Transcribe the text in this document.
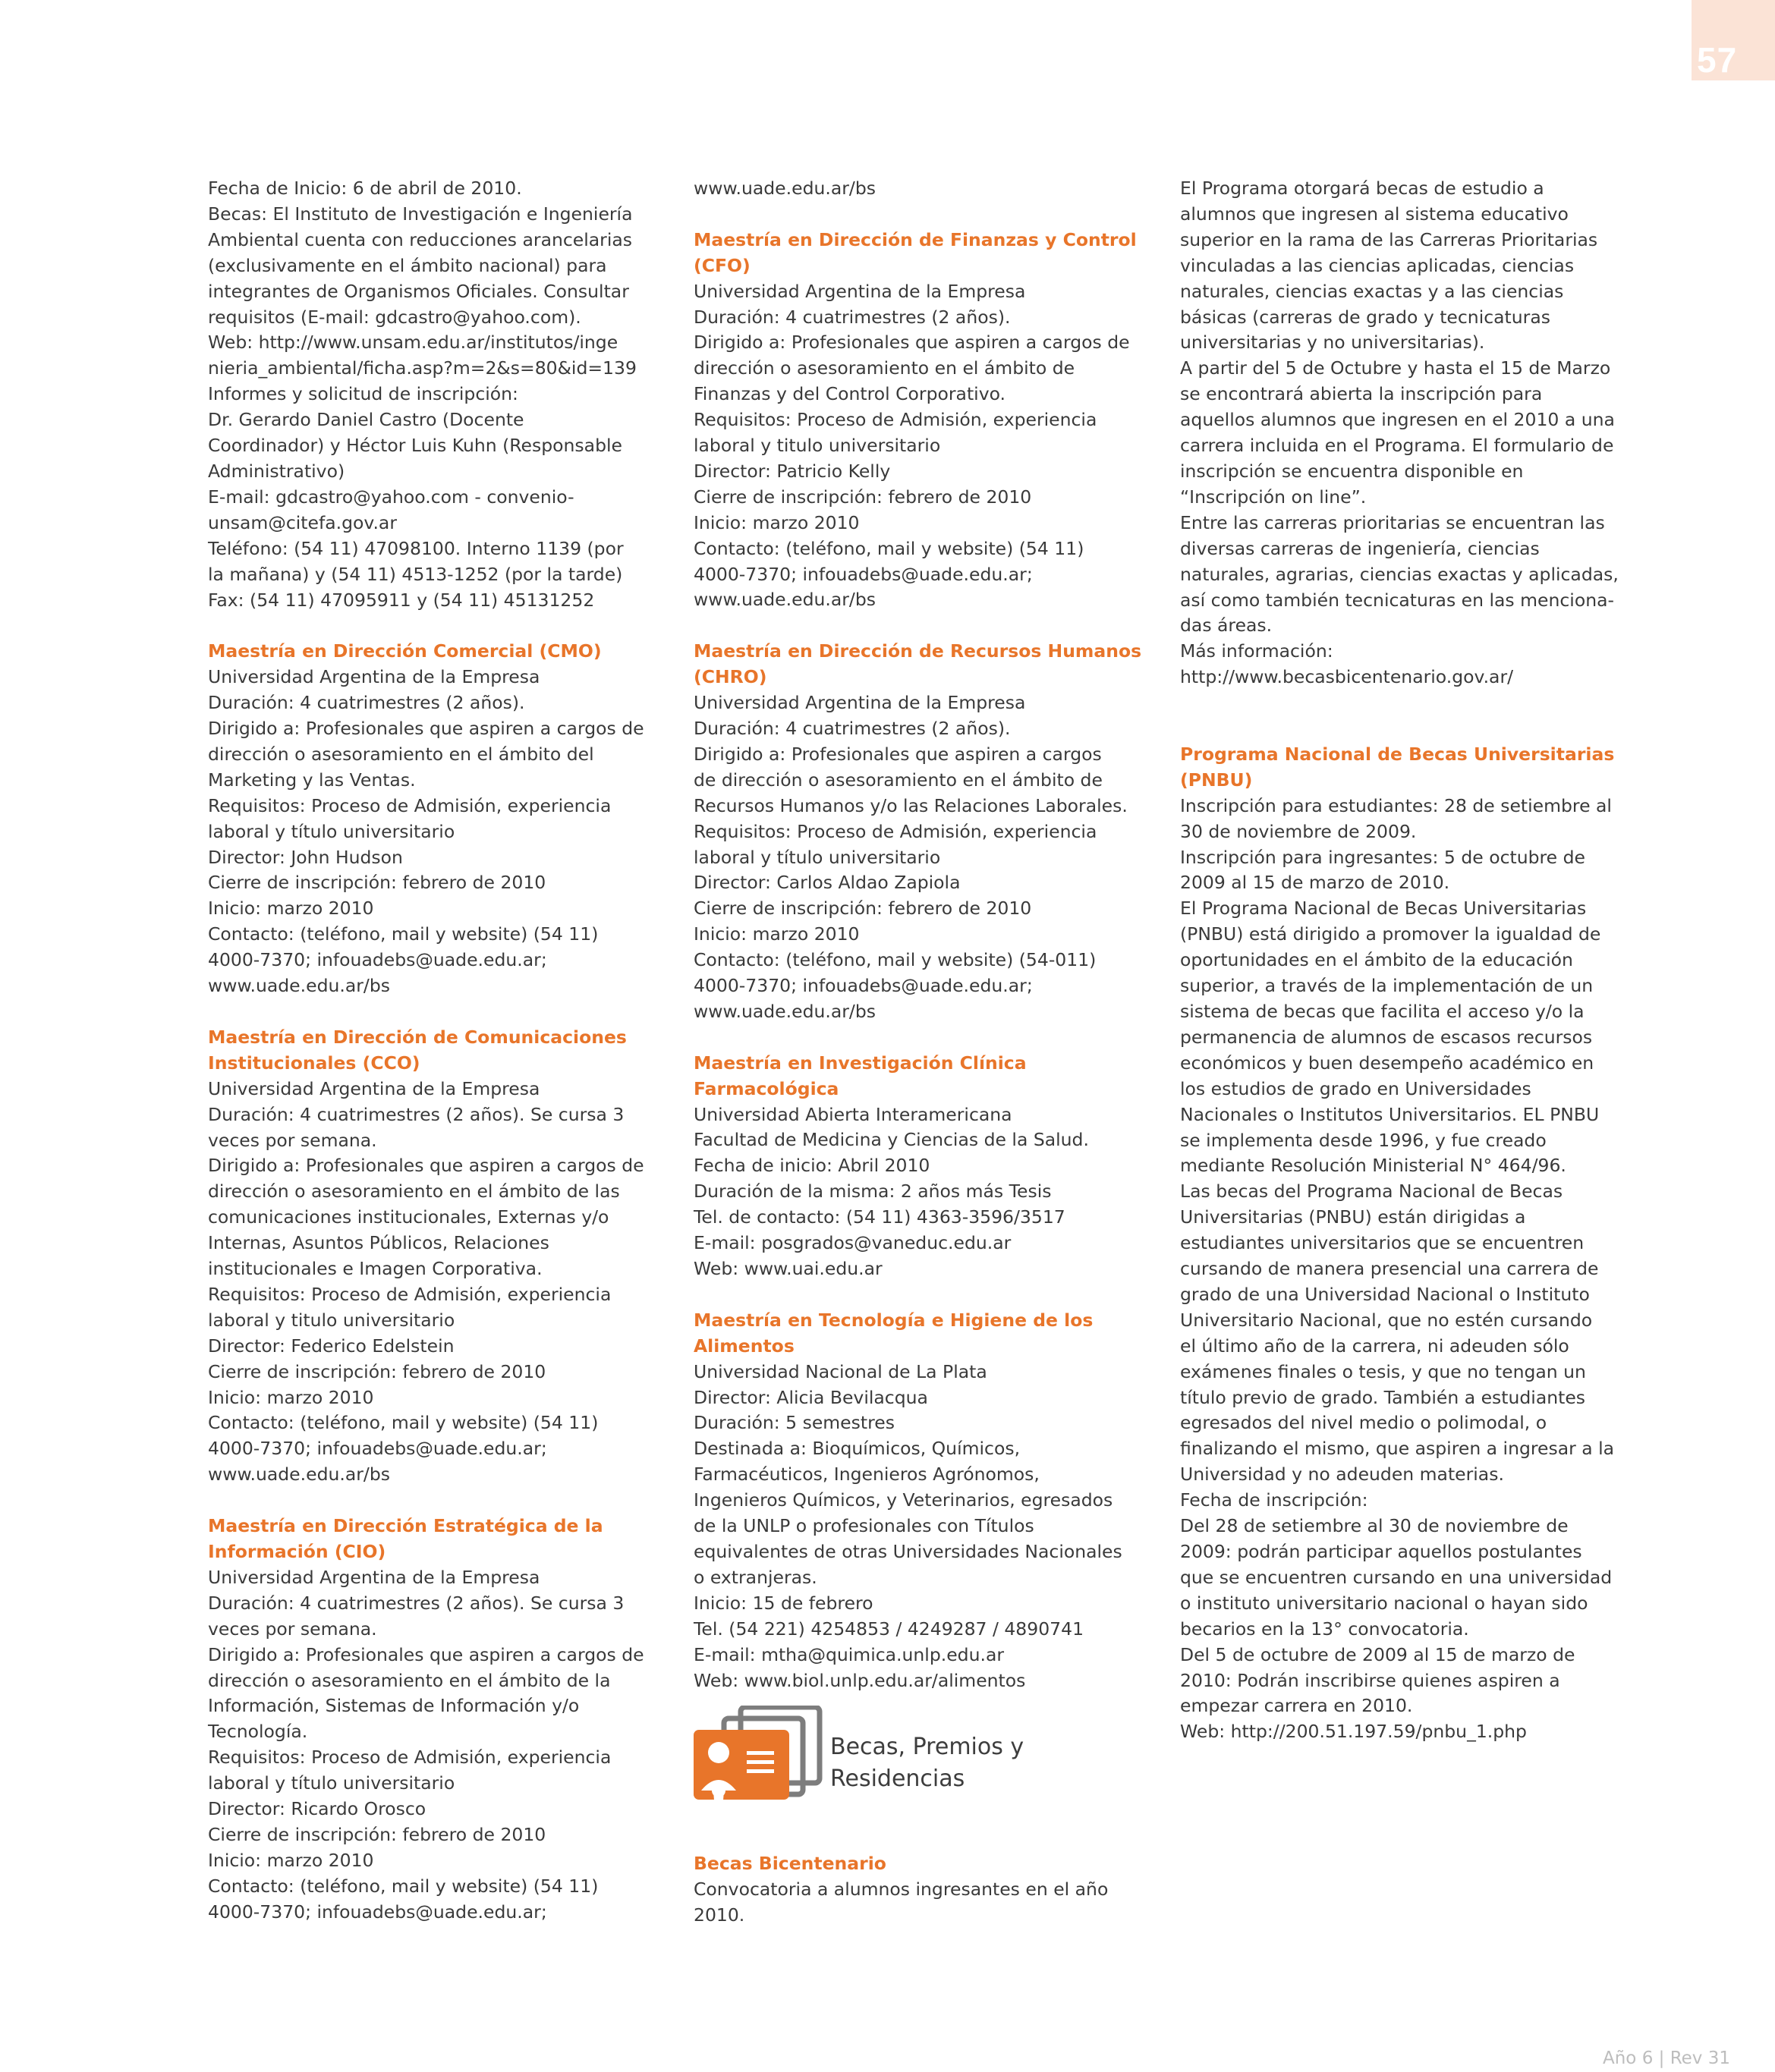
57
Fecha de Inicio: 6 de abril de 2010.
Becas: El Instituto de Investigación e Ingeniería
Ambiental cuenta con reducciones arancelarias
(exclusivamente en el ámbito nacional) para
integrantes de Organismos Oficiales. Consultar
requisitos (E-mail: gdcastro@yahoo.com).
Web: http://www.unsam.edu.ar/institutos/inge
nieria_ambiental/ficha.asp?m=2&s=80&id=139
Informes y solicitud de inscripción:
Dr. Gerardo Daniel Castro (Docente
Coordinador) y Héctor Luis Kuhn (Responsable
Administrativo)
E-mail: gdcastro@yahoo.com - convenio-
unsam@citefa.gov.ar
Teléfono: (54 11) 47098100. Interno 1139 (por
la mañana) y (54 11) 4513-1252 (por la tarde)
Fax: (54 11) 47095911 y (54 11) 45131252
Maestría en Dirección Comercial (CMO)
Universidad Argentina de la Empresa
Duración: 4 cuatrimestres (2 años).
Dirigido a: Profesionales que aspiren a cargos de
dirección o asesoramiento en el ámbito del
Marketing y las Ventas.
Requisitos: Proceso de Admisión, experiencia
laboral y título universitario
Director: John Hudson
Cierre de inscripción: febrero de 2010
Inicio: marzo 2010
Contacto: (teléfono, mail y website) (54 11)
4000-7370; infouadebs@uade.edu.ar;
www.uade.edu.ar/bs
Maestría en Dirección de Comunicaciones
Institucionales (CCO)
Universidad Argentina de la Empresa
Duración: 4 cuatrimestres (2 años). Se cursa 3
veces por semana.
Dirigido a: Profesionales que aspiren a cargos de
dirección o asesoramiento en el ámbito de las
comunicaciones institucionales, Externas y/o
Internas, Asuntos Públicos, Relaciones
institucionales e Imagen Corporativa.
Requisitos: Proceso de Admisión, experiencia
laboral y titulo universitario
Director: Federico Edelstein
Cierre de inscripción: febrero de 2010
Inicio: marzo 2010
Contacto: (teléfono, mail y website) (54 11)
4000-7370; infouadebs@uade.edu.ar;
www.uade.edu.ar/bs
Maestría en Dirección Estratégica de la
Información (CIO)
Universidad Argentina de la Empresa
Duración: 4 cuatrimestres (2 años). Se cursa 3
veces por semana.
Dirigido a: Profesionales que aspiren a cargos de
dirección o asesoramiento en el ámbito de la
Información, Sistemas de Información y/o
Tecnología.
Requisitos: Proceso de Admisión, experiencia
laboral y título universitario
Director: Ricardo Orosco
Cierre de inscripción: febrero de 2010
Inicio: marzo 2010
Contacto: (teléfono, mail y website) (54 11)
4000-7370; infouadebs@uade.edu.ar;
www.uade.edu.ar/bs
Maestría en Dirección de Finanzas y Control
(CFO)
Universidad Argentina de la Empresa
Duración: 4 cuatrimestres (2 años).
Dirigido a: Profesionales que aspiren a cargos de
dirección o asesoramiento en el ámbito de
Finanzas y del Control Corporativo.
Requisitos: Proceso de Admisión, experiencia
laboral y titulo universitario
Director: Patricio Kelly
Cierre de inscripción: febrero de 2010
Inicio: marzo 2010
Contacto: (teléfono, mail y website) (54 11)
4000-7370; infouadebs@uade.edu.ar;
www.uade.edu.ar/bs
Maestría en Dirección de Recursos Humanos
(CHRO)
Universidad Argentina de la Empresa
Duración: 4 cuatrimestres (2 años).
Dirigido a: Profesionales que aspiren a cargos
de dirección o asesoramiento en el ámbito de
Recursos Humanos y/o las Relaciones Laborales.
Requisitos: Proceso de Admisión, experiencia
laboral y título universitario
Director: Carlos Aldao Zapiola
Cierre de inscripción: febrero de 2010
Inicio: marzo 2010
Contacto: (teléfono, mail y website) (54-011)
4000-7370; infouadebs@uade.edu.ar;
www.uade.edu.ar/bs
Maestría en Investigación Clínica
Farmacológica
Universidad Abierta Interamericana
Facultad de Medicina y Ciencias de la Salud.
Fecha de inicio: Abril 2010
Duración de la misma: 2 años más Tesis
Tel. de contacto: (54 11) 4363-3596/3517
E-mail: posgrados@vaneduc.edu.ar
Web: www.uai.edu.ar
Maestría en Tecnología e Higiene de los
Alimentos
Universidad Nacional de La Plata
Director: Alicia Bevilacqua
Duración: 5 semestres
Destinada a: Bioquímicos, Químicos,
Farmacéuticos, Ingenieros Agrónomos,
Ingenieros Químicos, y Veterinarios, egresados
de la UNLP o profesionales con Títulos
equivalentes de otras Universidades Nacionales
o extranjeras.
Inicio: 15 de febrero
Tel. (54 221) 4254853 / 4249287 / 4890741
E-mail: mtha@quimica.unlp.edu.ar
Web: www.biol.unlp.edu.ar/alimentos
Becas, Premios y
Residencias
Becas Bicentenario
Convocatoria a alumnos ingresantes en el año
2010.
El Programa otorgará becas de estudio a
alumnos que ingresen al sistema educativo
superior en la rama de las Carreras Prioritarias
vinculadas a las ciencias aplicadas, ciencias
naturales, ciencias exactas y a las ciencias
básicas (carreras de grado y tecnicaturas
universitarias y no universitarias).
A partir del 5 de Octubre y hasta el 15 de Marzo
se encontrará abierta la inscripción para
aquellos alumnos que ingresen en el 2010 a una
carrera incluida en el Programa. El formulario de
inscripción se encuentra disponible en
“Inscripción on line”.
Entre las carreras prioritarias se encuentran las
diversas carreras de ingeniería, ciencias
naturales, agrarias, ciencias exactas y aplicadas,
así como también tecnicaturas en las menciona-
das áreas.
Más información:
http://www.becasbicentenario.gov.ar/
Programa Nacional de Becas Universitarias
(PNBU)
Inscripción para estudiantes: 28 de setiembre al
30 de noviembre de 2009.
Inscripción para ingresantes: 5 de octubre de
2009 al 15 de marzo de 2010.
El Programa Nacional de Becas Universitarias
(PNBU) está dirigido a promover la igualdad de
oportunidades en el ámbito de la educación
superior, a través de la implementación de un
sistema de becas que facilita el acceso y/o la
permanencia de alumnos de escasos recursos
económicos y buen desempeño académico en
los estudios de grado en Universidades
Nacionales o Institutos Universitarios. EL PNBU
se implementa desde 1996, y fue creado
mediante Resolución Ministerial N° 464/96.
Las becas del Programa Nacional de Becas
Universitarias (PNBU) están dirigidas a
estudiantes universitarios que se encuentren
cursando de manera presencial una carrera de
grado de una Universidad Nacional o Instituto
Universitario Nacional, que no estén cursando
el último año de la carrera, ni adeuden sólo
exámenes finales o tesis, y que no tengan un
título previo de grado. También a estudiantes
egresados del nivel medio o polimodal, o
finalizando el mismo, que aspiren a ingresar a la
Universidad y no adeuden materias.
Fecha de inscripción:
Del 28 de setiembre al 30 de noviembre de
2009: podrán participar aquellos postulantes
que se encuentren cursando en una universidad
o instituto universitario nacional o hayan sido
becarios en la 13° convocatoria.
Del 5 de octubre de 2009 al 15 de marzo de
2010: Podrán inscribirse quienes aspiren a
empezar carrera en 2010.
Web: http://200.51.197.59/pnbu_1.php
Año 6 | Rev 31
